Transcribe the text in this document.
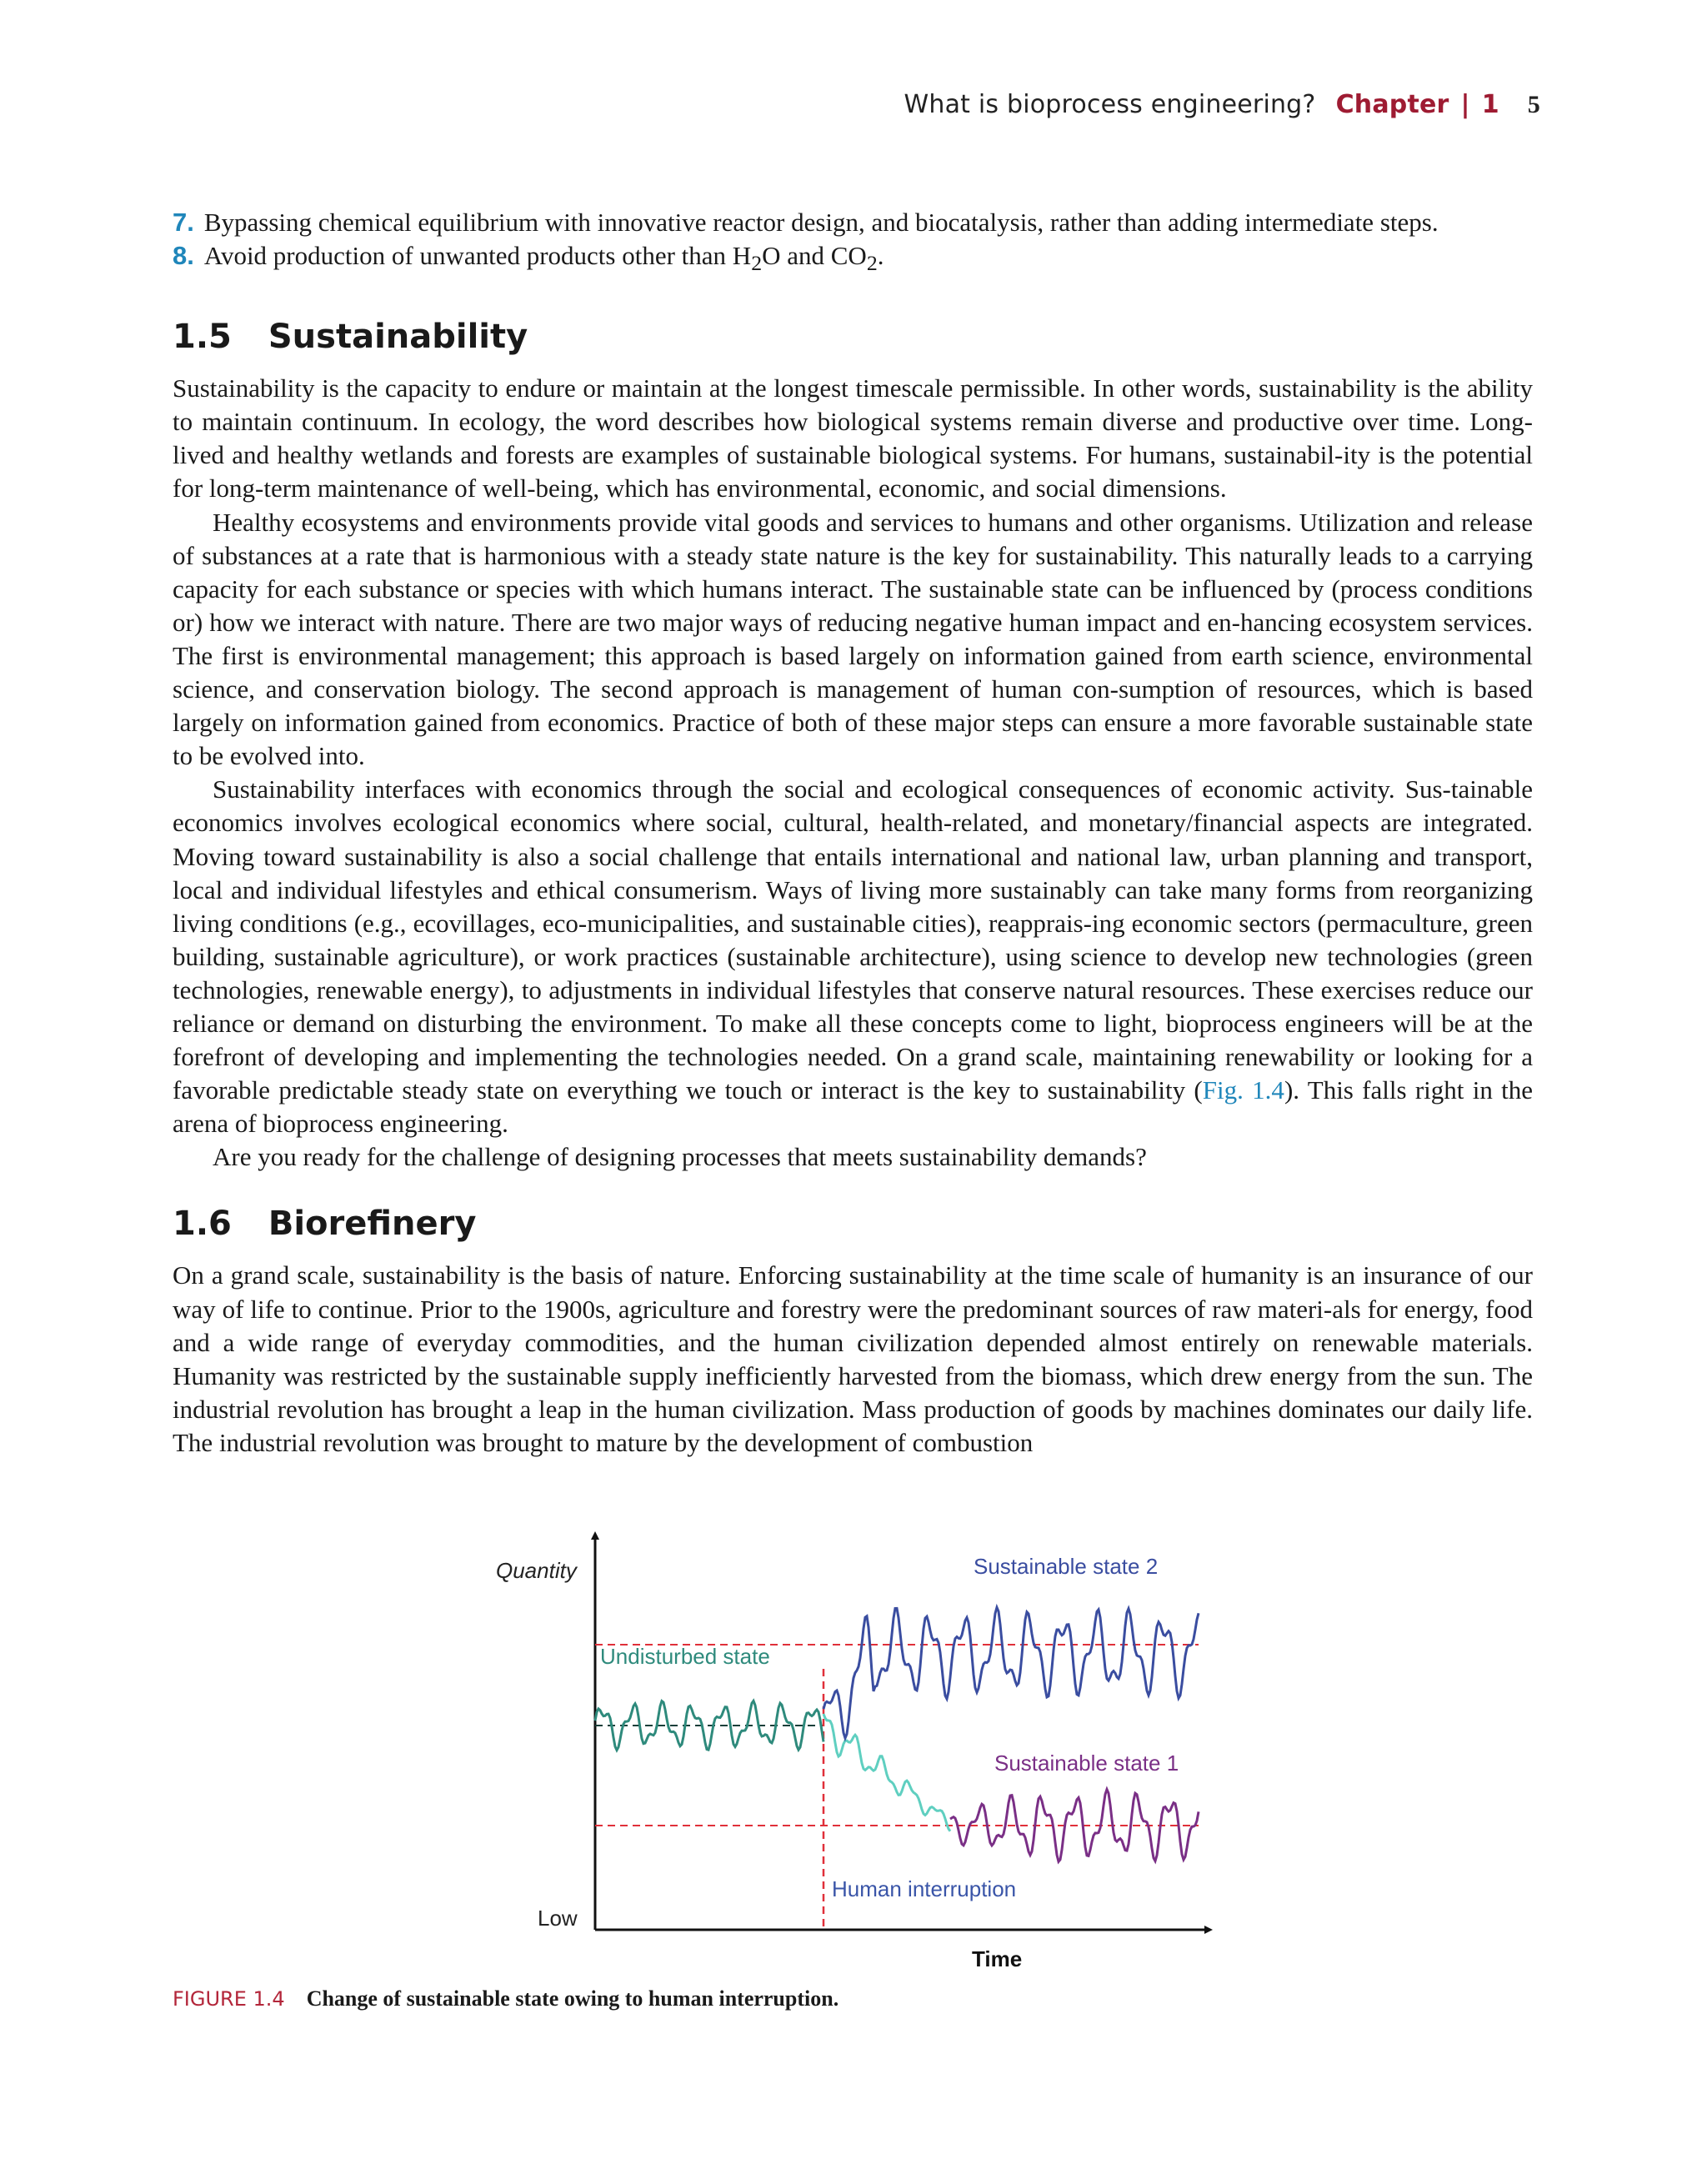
What is bioprocess engineering? Chapter | 1 5
7. Bypassing chemical equilibrium with innovative reactor design, and biocatalysis, rather than adding intermediate steps.
8. Avoid production of unwanted products other than $H_2O$ and $CO_2$.
1.5 Sustainability

Sustainability is the capacity to endure or maintain at the longest timescale permissible. In other words, sustainability is the ability to maintain continuum. In ecology, the word describes how biological systems remain diverse and productive over time. Long-lived and healthy wetlands and forests are examples of sustainable biological systems. For humans, sustainabil-ity is the potential for long-term maintenance of well-being, which has environmental, economic, and social dimensions.

Healthy ecosystems and environments provide vital goods and services to humans and other organisms. Utilization and release of substances at a rate that is harmonious with a steady state nature is the key for sustainability. This naturally leads to a carrying capacity for each substance or species with which humans interact. The sustainable state can be influenced by (process conditions or) how we interact with nature. There are two major ways of reducing negative human impact and en-hancing ecosystem services. The first is environmental management; this approach is based largely on information gained from earth science, environmental science, and conservation biology. The second approach is management of human con-sumption of resources, which is based largely on information gained from economics. Practice of both of these major steps can ensure a more favorable sustainable state to be evolved into.

Sustainability interfaces with economics through the social and ecological consequences of economic activity. Sus-tainable economics involves ecological economics where social, cultural, health-related, and monetary/financial aspects are integrated. Moving toward sustainability is also a social challenge that entails international and national law, urban planning and transport, local and individual lifestyles and ethical consumerism. Ways of living more sustainably can take many forms from reorganizing living conditions (e.g., ecovillages, eco-municipalities, and sustainable cities), reapprais-ing economic sectors (permaculture, green building, sustainable agriculture), or work practices (sustainable architecture), using science to develop new technologies (green technologies, renewable energy), to adjustments in individual lifestyles that conserve natural resources. These exercises reduce our reliance or demand on disturbing the environment. To make all these concepts come to light, bioprocess engineers will be at the forefront of developing and implementing the technologies needed. On a grand scale, maintaining renewability or looking for a favorable predictable steady state on everything we touch or interact is the key to sustainability (Fig. 1.4). This falls right in the arena of bioprocess engineering.

Are you ready for the challenge of designing processes that meets sustainability demands?

1.6 Biorefinery

On a grand scale, sustainability is the basis of nature. Enforcing sustainability at the time scale of humanity is an insurance of our way of life to continue. Prior to the 1900s, agriculture and forestry were the predominant sources of raw materi-als for energy, food and a wide range of everyday commodities, and the human civilization depended almost entirely on renewable materials. Humanity was restricted by the sustainable supply inefficiently harvested from the biomass, which drew energy from the sun. The industrial revolution has brought a leap in the human civilization. Mass production of goods by machines dominates our daily life. The industrial revolution was brought to mature by the development of combustion

Quantity
Low
Time
Undisturbed state
Sustainable state 2
Sustainable state 1
Human interruption
FIGURE 1.4 Change of sustainable state owing to human interruption.
